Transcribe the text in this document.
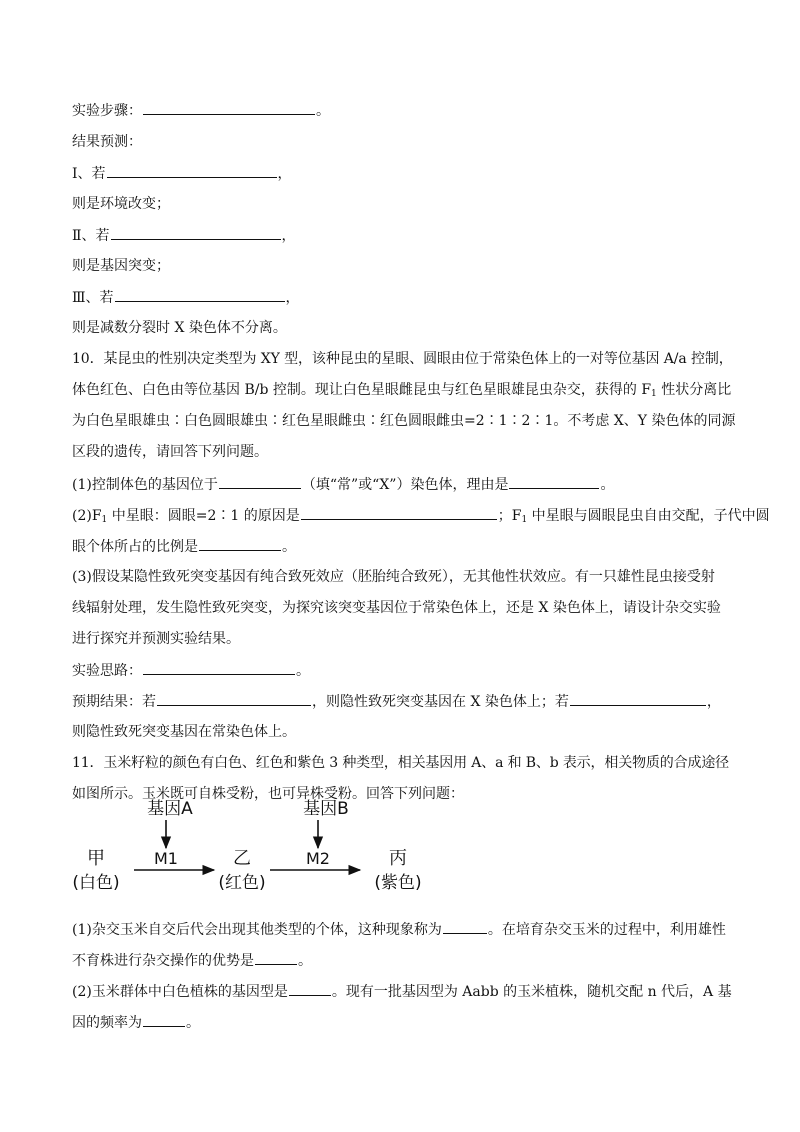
实验步骤：	。
结果预测：
Ⅰ、若	，
则是环境改变；
Ⅱ、若	，
则是基因突变；
Ⅲ、若	，
则是减数分裂时 X 染色体不分离。
10．某昆虫的性别决定类型为 XY 型，该种昆虫的星眼、圆眼由位于常染色体上的一对等位基因 A/a 控制，
体色红色、白色由等位基因 B/b 控制。现让白色星眼雌昆虫与红色星眼雄昆虫杂交，获得的 $F_1$ 性状分离比
为白色星眼雄虫∶白色圆眼雄虫∶红色星眼雌虫∶红色圆眼雌虫=2∶1∶2∶1。不考虑 X、Y 染色体的同源
区段的遗传，请回答下列问题。
(1)控制体色的基因位于	（填“常”或“X”）染色体，理由是	。
$(2)F_1$ 中星眼：圆眼=2∶1 的原因是	；$F_1$ 中星眼与圆眼昆虫自由交配，子代中圆
眼个体所占的比例是	。
(3)假设某隐性致死突变基因有纯合致死效应（胚胎纯合致死），无其他性状效应。有一只雄性昆虫接受射
线辐射处理，发生隐性致死突变，为探究该突变基因位于常染色体上，还是 X 染色体上，请设计杂交实验
进行探究并预测实验结果。
实验思路：	。
预期结果：若	，则隐性致死突变基因在 X 染色体上；若	，
则隐性致死突变基因在常染色体上。
11．玉米籽粒的颜色有白色、红色和紫色 3 种类型，相关基因用 A、a 和 B、b 表示，相关物质的合成途径
如图所示。玉米既可自株受粉，也可异株受粉。回答下列问题：
基因A
M1
基因B
M2
甲
(白色)
乙
(红色)
丙
(紫色)
(1)杂交玉米自交后代会出现其他类型的个体，这种现象称为	。在培育杂交玉米的过程中，利用雄性
不育株进行杂交操作的优势是	。
(2)玉米群体中白色植株的基因型是	。现有一批基因型为 Aabb 的玉米植株，随机交配 n 代后，A 基
因的频率为	。
